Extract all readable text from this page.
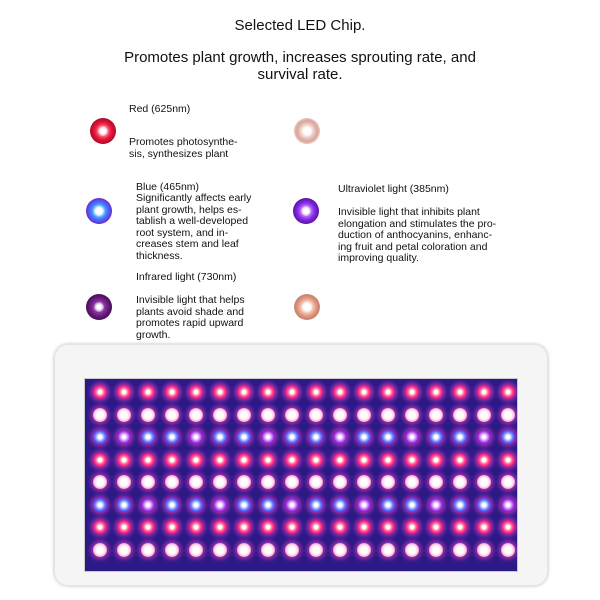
Selected LED Chip.
Promotes plant growth, increases sprouting rate, and
survival rate.
Red (625nm)
Promotes photosynthe-
sis, synthesizes plant
Blue (465nm)
Significantly affects early
plant growth, helps es-
tablish a well-developed
root system, and in-
creases stem and leaf
thickness.
Ultraviolet light (385nm)
Invisible light that inhibits plant
elongation and stimulates the pro-
duction of anthocyanins, enhanc-
ing fruit and petal coloration and
improving quality.
Infrared light (730nm)
Invisible light that helps
plants avoid shade and
promotes rapid upward
growth.
